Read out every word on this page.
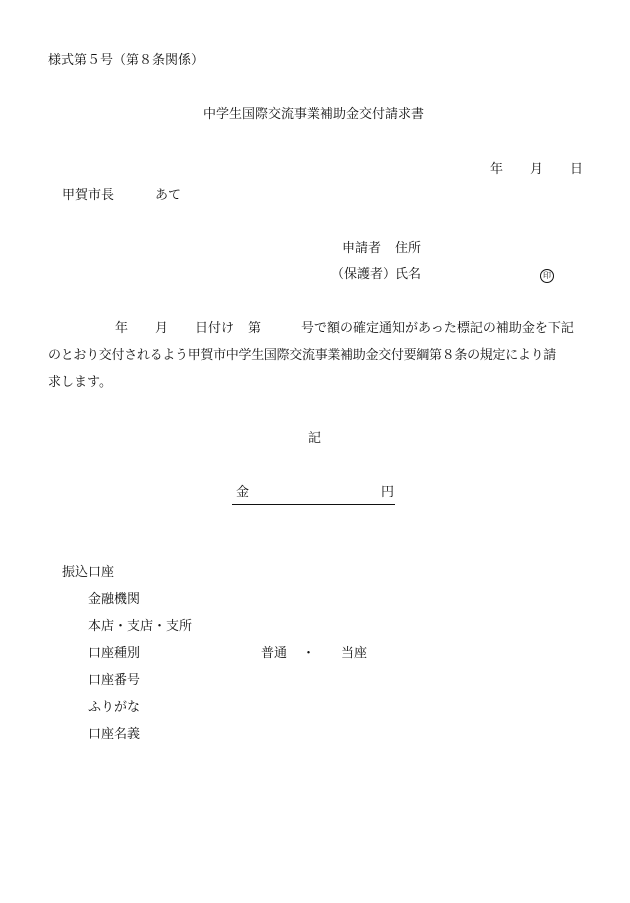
様式第５号（第８条関係）
中学生国際交流事業補助金交付請求書
年 月 日
甲賀市長	あて
申請者 住所
（保護者）
氏名	印
年 月 日付け 第	号で額の確定通知があった標記の補助金を下記
のとおり交付されるよう甲賀市中学生国際交流事業補助金交付要綱第８条の規定により請
求します。
記
金	円
振込口座
金融機関
本店・支店・支所
口座種別	普通 ・ 当座
口座番号
ふりがな
口座名義
